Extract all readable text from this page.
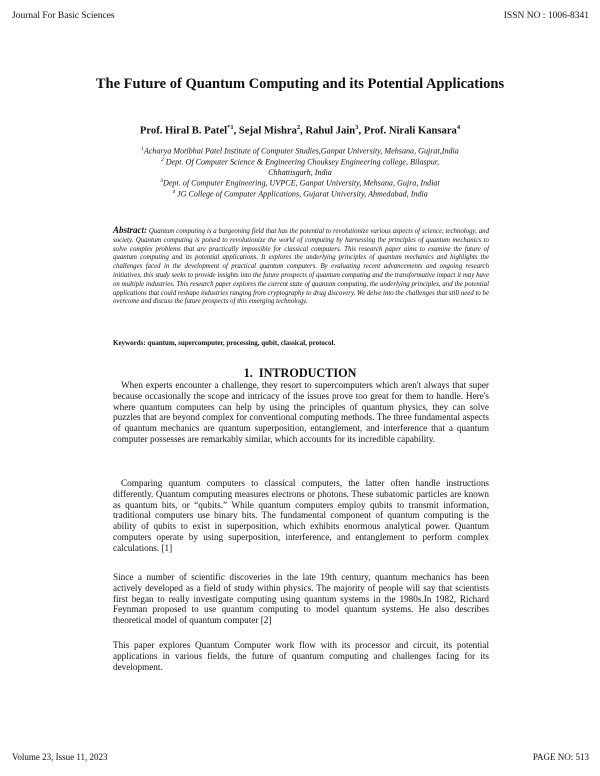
Journal For Basic Sciences	ISSN NO : 1006-8341
The Future of Quantum Computing and its Potential Applications
Prof. Hiral B. Patel$^{*1}$, Sejal Mishra$^2$, Rahul Jain$^3$, Prof. Nirali Kansara$^4$
$^1$Acharya Motibhai Patel Institute of Computer Studies,Ganpat University, Mehsana, Gujrat,India
$^2$ Dept. Of Computer Science & Engineering Chouksey Engineering college, Bilaspur,
Chhattisgarh, India
$^3$Dept. of Computer Engineering, UVPCE, Ganpat University, Mehsana, Gujra, Indiat
$^4$ JG College of Computer Applications, Gujarat University, Ahmedabad, India
Abstract: Quantum computing is a burgeoning field that has the potential to revolutionize various aspects of science, technology, and society. Quantum computing is poised to revolutionize the world of computing by harnessing the principles of quantum mechanics to solve complex problems that are practically impossible for classical computers. This research paper aims to examine the future of quantum computing and its potential applications. It explores the underlying principles of quantum mechanics and highlights the challenges faced in the development of practical quantum computers. By evaluating recent advancements and ongoing research initiatives, this study seeks to provide insights into the future prospects of quantum computing and the transformative impact it may have on multiple industries. This research paper explores the current state of quantum computing, the underlying principles, and the potential applications that could reshape industries ranging from cryptography to drug discovery. We delve into the challenges that still need to be overcome and discuss the future prospects of this emerging technology.
Keywords: quantum, supercomputer, processing, qubit, classical, protocol.
1. INTRODUCTION

When experts encounter a challenge, they resort to supercomputers which aren't always that super because occasionally the scope and intricacy of the issues prove too great for them to handle. Here's where quantum computers can help by using the principles of quantum physics, they can solve puzzles that are beyond complex for conventional computing methods. The three fundamental aspects of quantum mechanics are quantum superposition, entanglement, and interference that a quantum computer possesses are remarkably similar, which accounts for its incredible capability.

Comparing quantum computers to classical computers, the latter often handle instructions differently. Quantum computing measures electrons or photons. These subatomic particles are known as quantum bits, or “qubits.” While quantum computers employ qubits to transmit information, traditional computers use binary bits. The fundamental component of quantum computing is the ability of qubits to exist in superposition, which exhibits enormous analytical power. Quantum computers operate by using superposition, interference, and entanglement to perform complex calculations. [1]

Since a number of scientific discoveries in the late 19th century, quantum mechanics has been actively developed as a field of study within physics. The majority of people will say that scientists first began to really investigate computing using quantum systems in the 1980s.In 1982, Richard Feynman proposed to use quantum computing to model quantum systems. He also describes theoretical model of quantum computer [2]

This paper explores Quantum Computer work flow with its processor and circuit, its potential applications in various fields, the future of quantum computing and challenges facing for its development.

Volume 23, Issue 11, 2023	PAGE NO: 513
